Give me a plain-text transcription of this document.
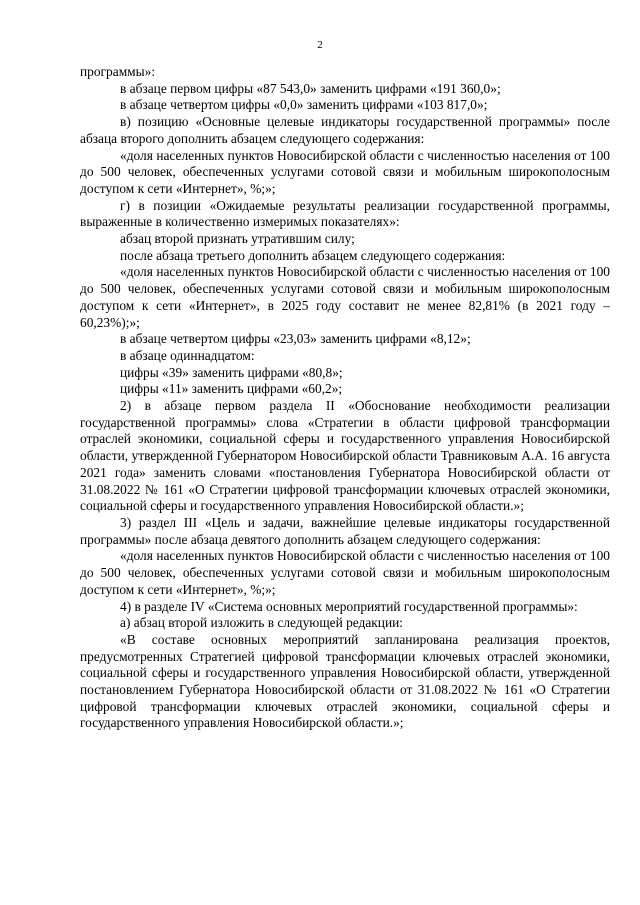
2

программы»:

в абзаце первом цифры «87 543,0» заменить цифрами «191 360,0»;

в абзаце четвертом цифры «0,0» заменить цифрами «103 817,0»;

в) позицию «Основные целевые индикаторы государственной программы» после абзаца второго дополнить абзацем следующего содержания:

«доля населенных пунктов Новосибирской области с численностью населения от 100 до 500 человек, обеспеченных услугами сотовой связи и мобильным широкополосным доступом к сети «Интернет», %;»;

г) в позиции «Ожидаемые результаты реализации государственной программы, выраженные в количественно измеримых показателях»:

абзац второй признать утратившим силу;

после абзаца третьего дополнить абзацем следующего содержания:

«доля населенных пунктов Новосибирской области с численностью населения от 100 до 500 человек, обеспеченных услугами сотовой связи и мобильным широкополосным доступом к сети «Интернет», в 2025 году составит не менее 82,81% (в 2021 году – 60,23%);»;

в абзаце четвертом цифры «23,03» заменить цифрами «8,12»;

в абзаце одиннадцатом:

цифры «39» заменить цифрами «80,8»;

цифры «11» заменить цифрами «60,2»;

2) в абзаце первом раздела II «Обоснование необходимости реализации государственной программы» слова «Стратегии в области цифровой трансформации отраслей экономики, социальной сферы и государственного управления Новосибирской области, утвержденной Губернатором Новосибирской области Травниковым А.А. 16 августа 2021 года» заменить словами «постановления Губернатора Новосибирской области от 31.08.2022 № 161 «О Стратегии цифровой трансформации ключевых отраслей экономики, социальной сферы и государственного управления Новосибирской области.»;

3) раздел III «Цель и задачи, важнейшие целевые индикаторы государственной программы» после абзаца девятого дополнить абзацем следующего содержания:

«доля населенных пунктов Новосибирской области с численностью населения от 100 до 500 человек, обеспеченных услугами сотовой связи и мобильным широкополосным доступом к сети «Интернет», %;»;

4) в разделе IV «Система основных мероприятий государственной программы»:

а) абзац второй изложить в следующей редакции:

«В составе основных мероприятий запланирована реализация проектов, предусмотренных Стратегией цифровой трансформации ключевых отраслей экономики, социальной сферы и государственного управления Новосибирской области, утвержденной постановлением Губернатора Новосибирской области от 31.08.2022 № 161 «О Стратегии цифровой трансформации ключевых отраслей экономики, социальной сферы и государственного управления Новосибирской области.»;
